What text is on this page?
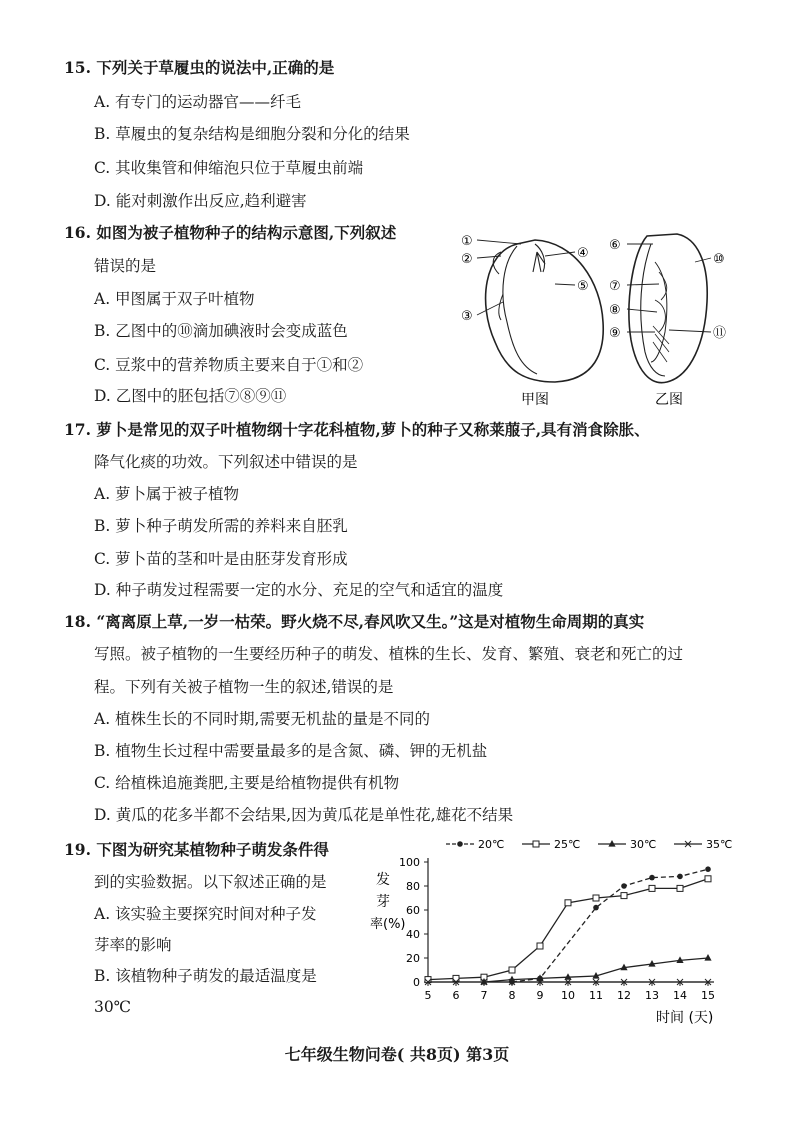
15. 下列关于草履虫的说法中,正确的是
A. 有专门的运动器官——纤毛
B. 草履虫的复杂结构是细胞分裂和分化的结果
C. 其收集管和伸缩泡只位于草履虫前端
D. 能对刺激作出反应,趋利避害
16. 如图为被子植物种子的结构示意图,下列叙述
错误的是
A. 甲图属于双子叶植物
B. 乙图中的⑩滴加碘液时会变成蓝色
C. 豆浆中的营养物质主要来自于①和②
D. 乙图中的胚包括⑦⑧⑨⑪
①
②
③
④
⑤
甲图
⑥
⑦
⑧
⑨
⑩
⑪
乙图
17. 萝卜是常见的双子叶植物纲十字花科植物,萝卜的种子又称莱菔子,具有消食除胀、
降气化痰的功效。下列叙述中错误的是
A. 萝卜属于被子植物
B. 萝卜种子萌发所需的养料来自胚乳
C. 萝卜苗的茎和叶是由胚芽发育形成
D. 种子萌发过程需要一定的水分、充足的空气和适宜的温度
18. “离离原上草,一岁一枯荣。野火烧不尽,春风吹又生。”这是对植物生命周期的真实
写照。被子植物的一生要经历种子的萌发、植株的生长、发育、繁殖、衰老和死亡的过
程。下列有关被子植物一生的叙述,错误的是
A. 植株生长的不同时期,需要无机盐的量是不同的
B. 植物生长过程中需要量最多的是含氮、磷、钾的无机盐
C. 给植株追施粪肥,主要是给植物提供有机物
D. 黄瓜的花多半都不会结果,因为黄瓜花是单性花,雄花不结果
19. 下图为研究某植物种子萌发条件得
到的实验数据。以下叙述正确的是
A. 该实验主要探究时间对种子发
芽率的影响
B. 该植物种子萌发的最适温度是
30℃
20℃	25℃	30℃	35℃
0
20
40
60
80
100
5 6 7 8 9 10 11 12 13 14 15
发
芽
率(%)
时间 (天)
七年级生物问卷( 共8页) 第3页
